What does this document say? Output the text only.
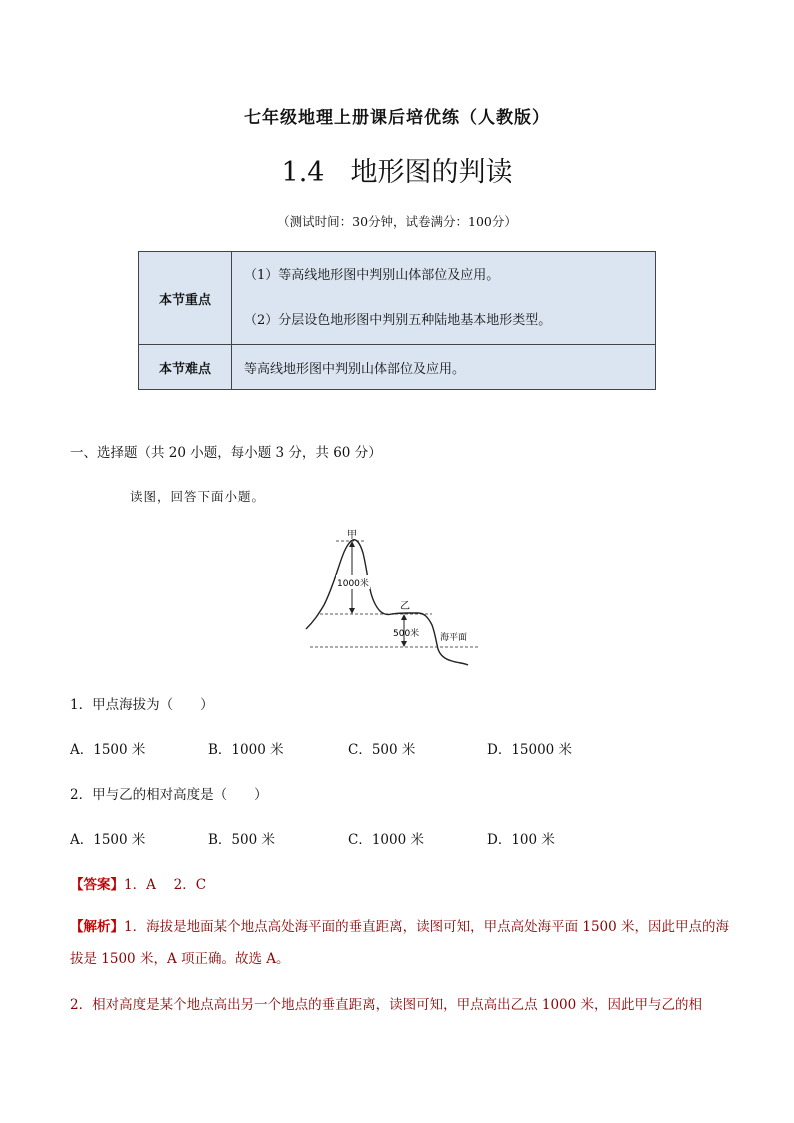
七年级地理上册课后培优练（人教版）
1.4 地形图的判读
（测试时间：30分钟，试卷满分：100分）
本节重点	（1）等高线地形图中判别山体部位及应用。
（2）分层设色地形图中判别五种陆地基本地形类型。

本节难点	等高线地形图中判别山体部位及应用。
一、选择题（共 20 小题，每小题 3 分，共 60 分）
读图，回答下面小题。
甲
1000米
乙
500米 海平面
1．甲点海拔为（　　）
A．1500 米	B．1000 米	C．500 米	D．15000 米
2．甲与乙的相对高度是（　　）
A．1500 米	B．500 米	C．1000 米	D．100 米
【答案】1．A　 2．C
【解析】1．海拔是地面某个地点高处海平面的垂直距离，读图可知，甲点高处海平面 1500 米，因此甲点的海拔是 1500 米，A 项正确。故选 A。
2．相对高度是某个地点高出另一个地点的垂直距离，读图可知，甲点高出乙点 1000 米，因此甲与乙的相
